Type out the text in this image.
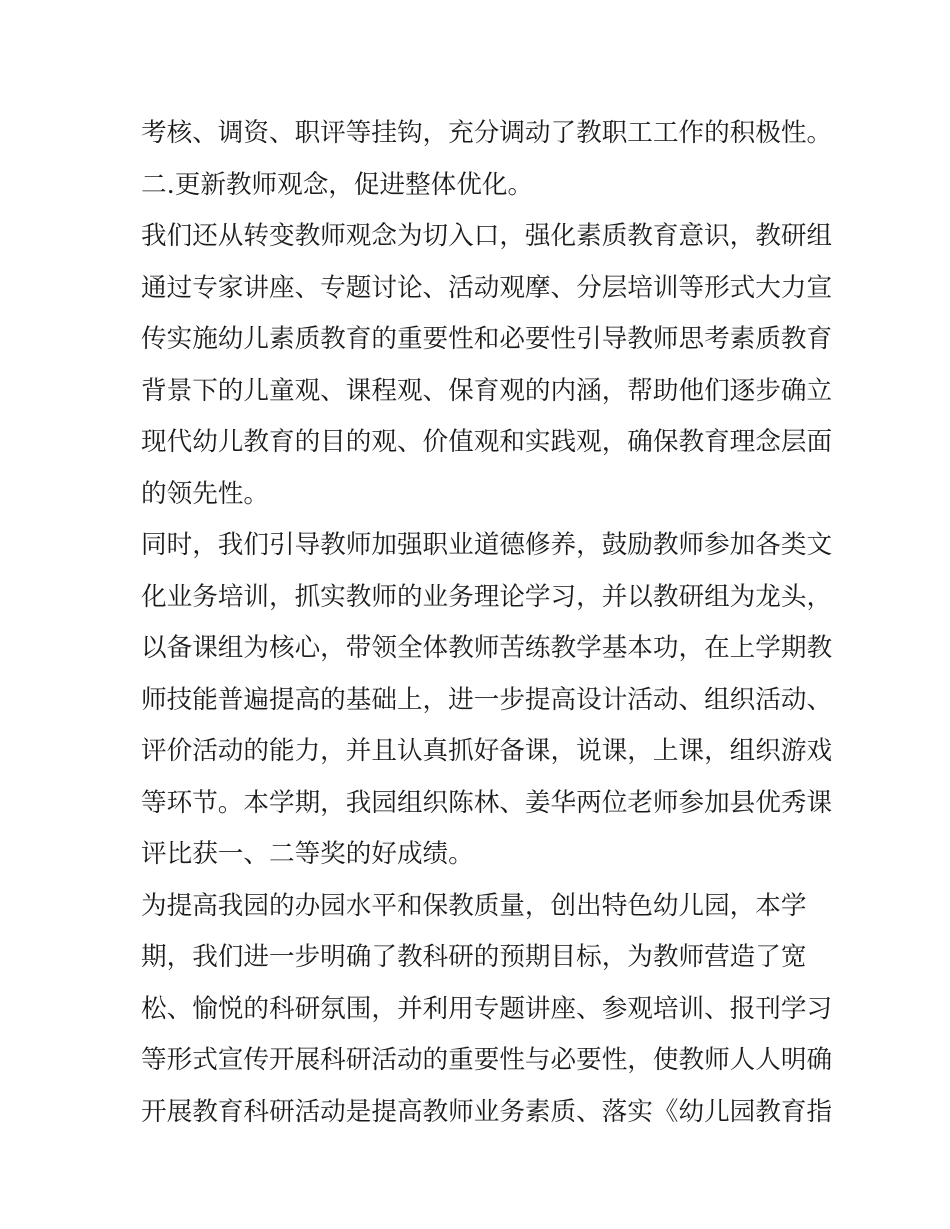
考核、调资、职评等挂钩，充分调动了教职工工作的积极性。
二.更新教师观念，促进整体优化。
我们还从转变教师观念为切入口，强化素质教育意识，教研组
通过专家讲座、专题讨论、活动观摩、分层培训等形式大力宣
传实施幼儿素质教育的重要性和必要性引导教师思考素质教育
背景下的儿童观、课程观、保育观的内涵，帮助他们逐步确立
现代幼儿教育的目的观、价值观和实践观，确保教育理念层面
的领先性。
同时，我们引导教师加强职业道德修养，鼓励教师参加各类文
化业务培训，抓实教师的业务理论学习，并以教研组为龙头，
以备课组为核心，带领全体教师苦练教学基本功，在上学期教
师技能普遍提高的基础上，进一步提高设计活动、组织活动、
评价活动的能力，并且认真抓好备课，说课，上课，组织游戏
等环节。本学期，我园组织陈林、姜华两位老师参加县优秀课
评比获一、二等奖的好成绩。
为提高我园的办园水平和保教质量，创出特色幼儿园，本学
期，我们进一步明确了教科研的预期目标，为教师营造了宽
松、愉悦的科研氛围，并利用专题讲座、参观培训、报刊学习
等形式宣传开展科研活动的重要性与必要性，使教师人人明确
开展教育科研活动是提高教师业务素质、落实《幼儿园教育指
